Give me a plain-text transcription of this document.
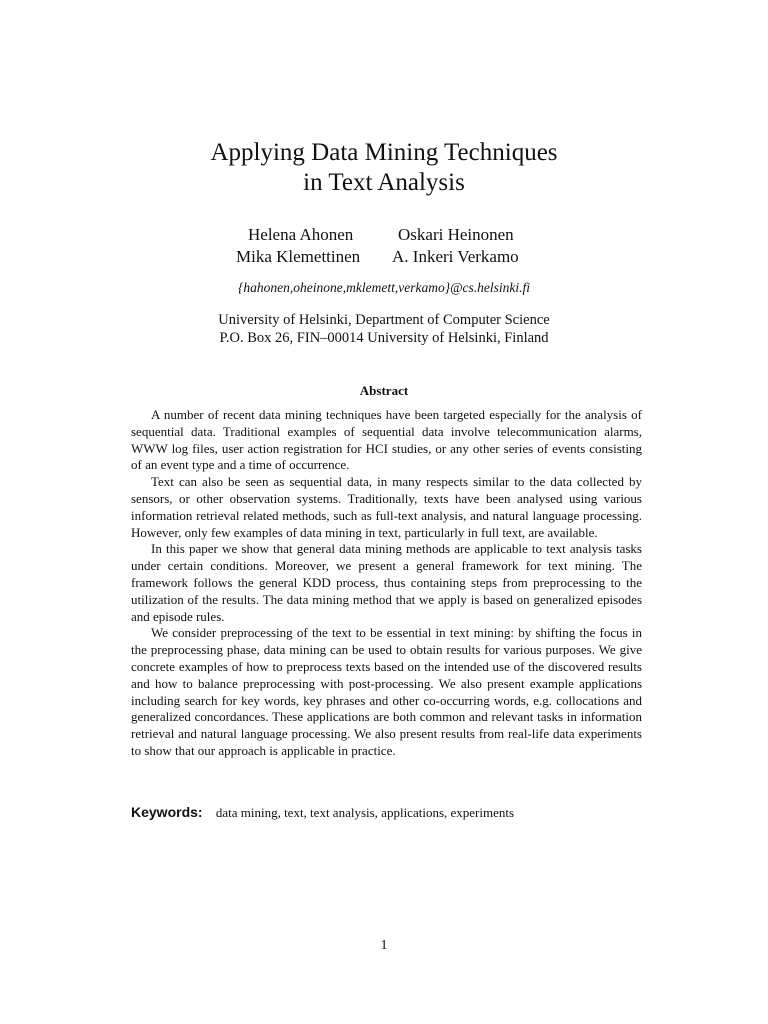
Applying Data Mining Techniques
in Text Analysis
Helena Ahonen	Oskari Heinonen
Mika Klemettinen A. Inkeri Verkamo
{hahonen,oheinone,mklemett,verkamo}@cs.helsinki.fi
University of Helsinki, Department of Computer Science
P.O. Box 26, FIN–00014 University of Helsinki, Finland
Abstract

A number of recent data mining techniques have been targeted especially for the analysis of sequential data. Traditional examples of sequential data involve telecommunication alarms, WWW log files, user action registration for HCI studies, or any other series of events consisting of an event type and a time of occurrence.

Text can also be seen as sequential data, in many respects similar to the data collected by sensors, or other observation systems. Traditionally, texts have been analysed using various information retrieval related methods, such as full-text analysis, and natural language processing. However, only few examples of data mining in text, particularly in full text, are available.

In this paper we show that general data mining methods are applicable to text analysis tasks under certain conditions. Moreover, we present a general framework for text mining. The framework follows the general KDD process, thus containing steps from preprocessing to the utilization of the results. The data mining method that we apply is based on generalized episodes and episode rules.

We consider preprocessing of the text to be essential in text mining: by shifting the focus in the preprocessing phase, data mining can be used to obtain results for various purposes. We give concrete examples of how to preprocess texts based on the intended use of the discovered results and how to balance preprocessing with post-processing. We also present example applications including search for key words, key phrases and other co-occurring words, e.g. collocations and generalized concordances. These applications are both common and relevant tasks in information retrieval and natural language processing. We also present results from real-life data experiments to show that our approach is applicable in practice.

Keywords: data mining, text, text analysis, applications, experiments
1
